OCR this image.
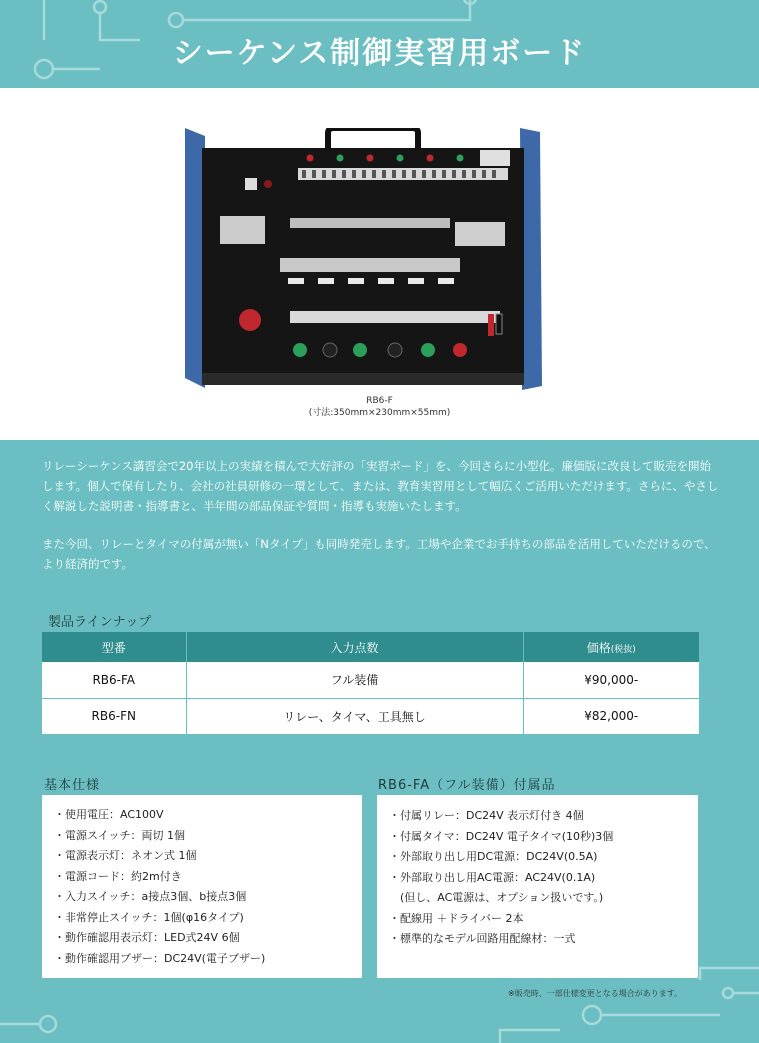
シーケンス制御実習用ボード
RB6-F
(寸法:350mm×230mm×55mm)

リレーシーケンス講習会で20年以上の実績を積んで大好評の「実習ボード」を、今回さらに小型化。廉価版に改良して販売を開始します。個人で保有したり、会社の社員研修の一環として、または、教育実習用として幅広くご活用いただけます。さらに、やさしく解説した説明書・指導書と、半年間の部品保証や質問・指導も実施いたします。

また今回、リレーとタイマの付属が無い「Nタイプ」も同時発売します。工場や企業でお手持ちの部品を活用していただけるので、より経済的です。

製品ラインナップ
型番	入力点数	価格(税抜)
RB6-FA	フル装備	¥90,000-
RB6-FN	リレー、タイマ、工具無し	¥82,000-
基本仕様
・使用電圧：AC100V
・電源スイッチ：両切 1個
・電源表示灯：ネオン式 1個
・電源コード：約2m付き
・入力スイッチ：a接点3個、b接点3個
・非常停止スイッチ：1個(φ16タイプ)
・動作確認用表示灯：LED式24V 6個
・動作確認用ブザー：DC24V(電子ブザー)
RB6-FA（フル装備）付属品
・付属リレー：DC24V 表示灯付き 4個
・付属タイマ：DC24V 電子タイマ(10秒)3個
・外部取り出し用DC電源：DC24V(0.5A)
・外部取り出し用AC電源：AC24V(0.1A)
　(但し、AC電源は、オプション扱いです。)
・配線用 ＋ドライバー 2本
・標準的なモデル回路用配線材：一式
※販売時、一部仕様変更となる場合があります。
